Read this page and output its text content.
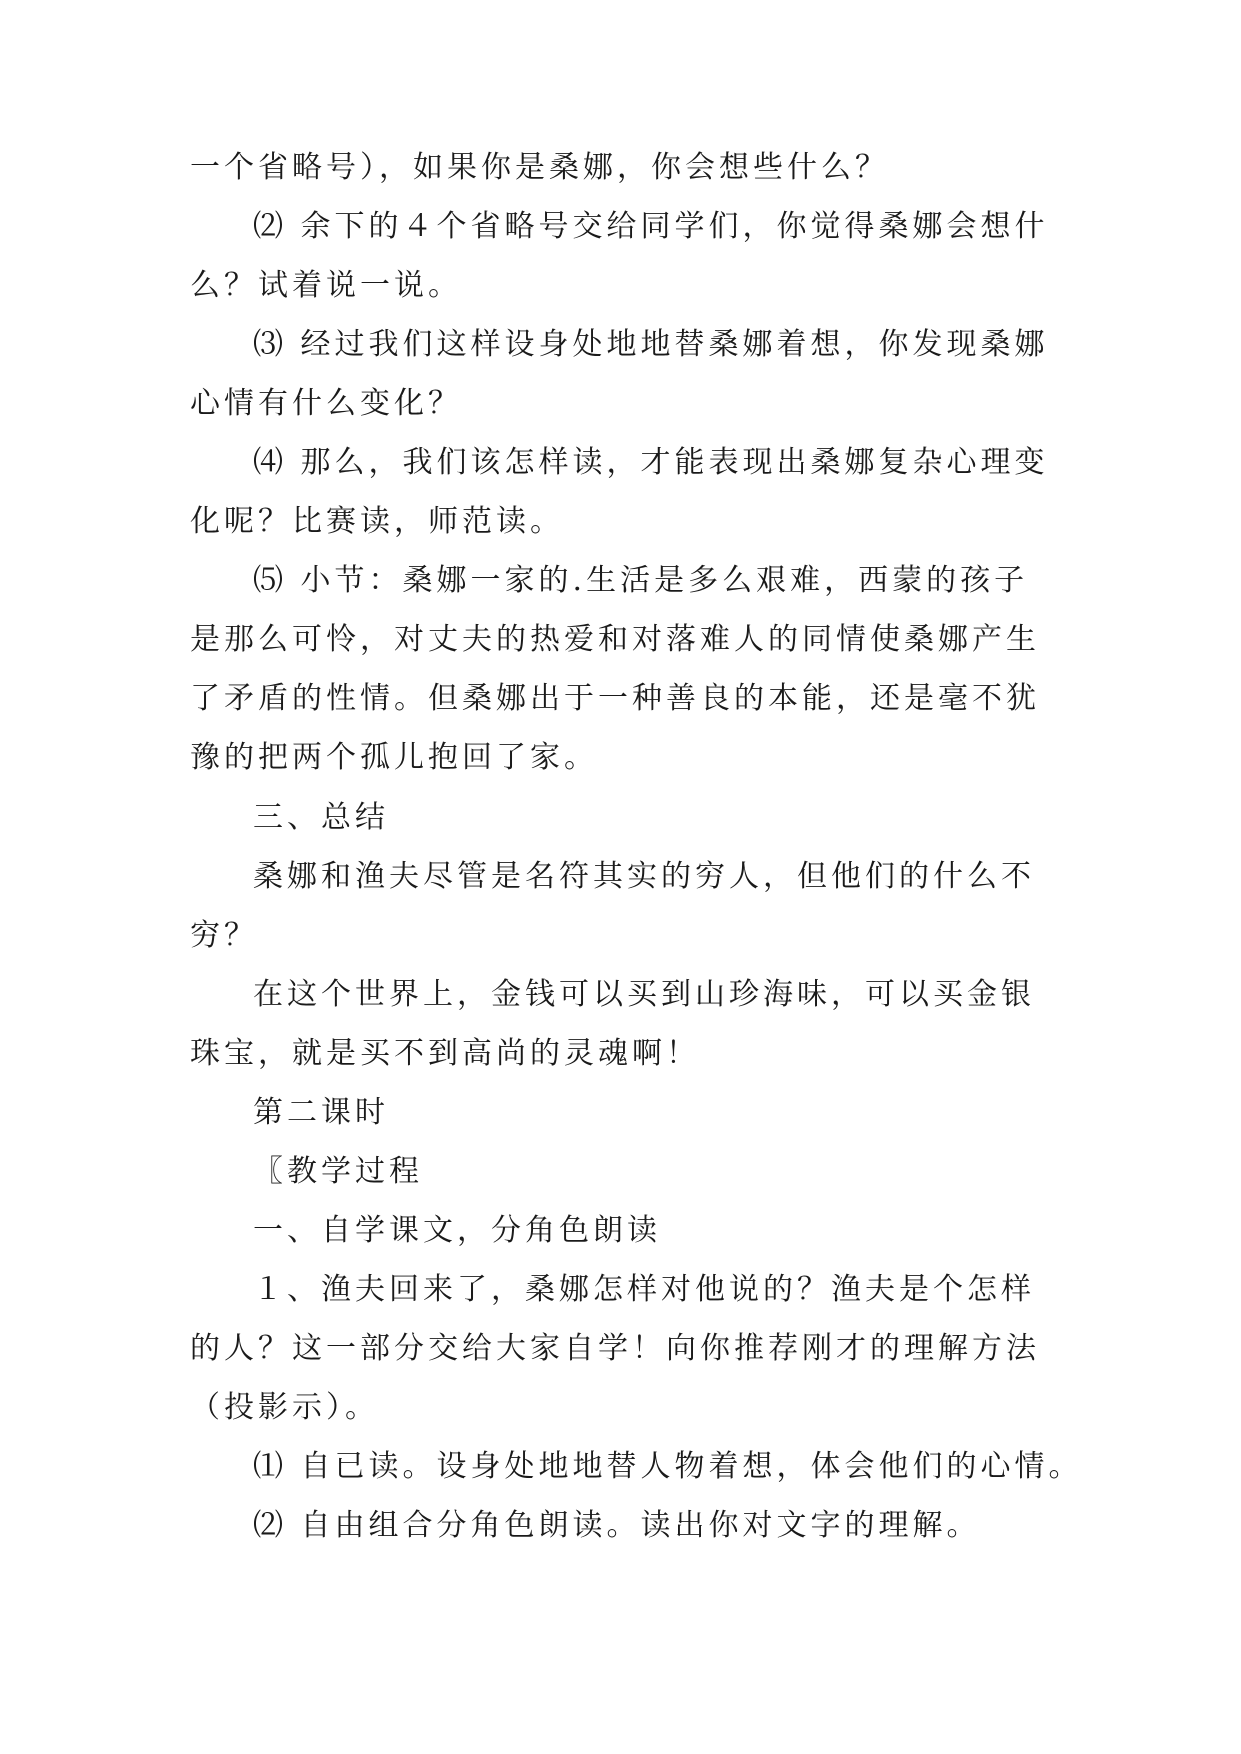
一个省略号），如果你是桑娜，你会想些什么？

⑵ 余下的４个省略号交给同学们，你觉得桑娜会想什么？试着说一说。

⑶ 经过我们这样设身处地地替桑娜着想，你发现桑娜心情有什么变化？

⑷ 那么，我们该怎样读，才能表现出桑娜复杂心理变化呢？比赛读，师范读。

⑸ 小节：桑娜一家的.生活是多么艰难，西蒙的孩子是那么可怜，对丈夫的热爱和对落难人的同情使桑娜产生了矛盾的性情。但桑娜出于一种善良的本能，还是毫不犹豫的把两个孤儿抱回了家。

三、总结

桑娜和渔夫尽管是名符其实的穷人，但他们的什么不穷？

在这个世界上，金钱可以买到山珍海味，可以买金银珠宝，就是买不到高尚的灵魂啊！

第二课时

〖教学过程

一、自学课文，分角色朗读

１、渔夫回来了，桑娜怎样对他说的？渔夫是个怎样的人？这一部分交给大家自学！向你推荐刚才的理解方法（投影示）。

⑴ 自已读。设身处地地替人物着想，体会他们的心情。

⑵ 自由组合分角色朗读。读出你对文字的理解。
